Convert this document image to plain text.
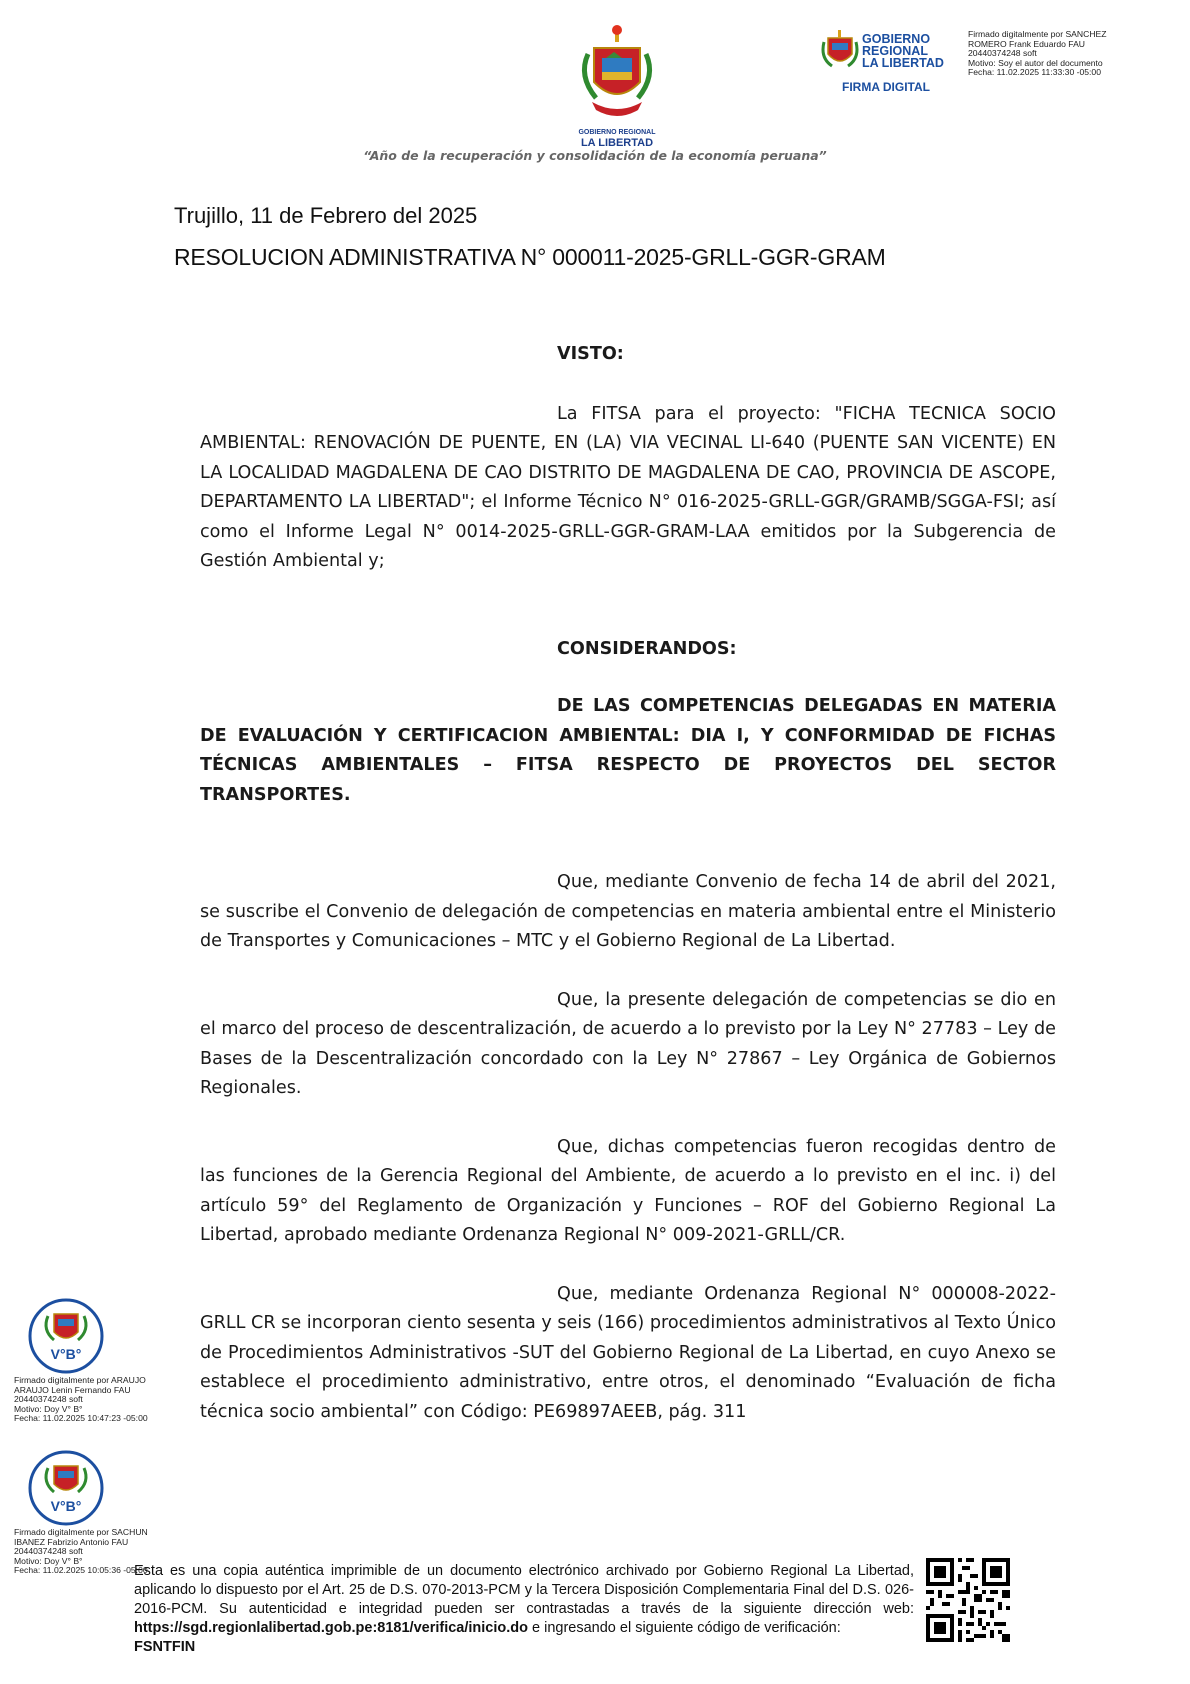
GOBIERNO REGIONAL
LA LIBERTAD
GOBIERNO
REGIONAL
LA LIBERTAD
FIRMA DIGITAL
Firmado digitalmente por SANCHEZ
ROMERO Frank Eduardo FAU
20440374248 soft
Motivo: Soy el autor del documento
Fecha: 11.02.2025 11:33:30 -05:00
“Año de la recuperación y consolidación de la economía peruana”
Trujillo, 11 de Febrero del 2025
RESOLUCION ADMINISTRATIVA N° 000011-2025-GRLL-GGR-GRAM

VISTO:

La FITSA para el proyecto: "FICHA TECNICA SOCIO AMBIENTAL: RENOVACIÓN DE PUENTE, EN (LA) VIA VECINAL LI-640 (PUENTE SAN VICENTE) EN LA LOCALIDAD MAGDALENA DE CAO DISTRITO DE MAGDALENA DE CAO, PROVINCIA DE ASCOPE, DEPARTAMENTO LA LIBERTAD"; el Informe Técnico N° 016-2025-GRLL-GGR/GRAMB/SGGA-FSI; así como el Informe Legal N° 0014-2025-GRLL-GGR-GRAM-LAA emitidos por la Subgerencia de Gestión Ambiental y;

CONSIDERANDOS:

DE LAS COMPETENCIAS DELEGADAS EN MATERIA DE EVALUACIÓN Y CERTIFICACION AMBIENTAL: DIA I, Y CONFORMIDAD DE FICHAS TÉCNICAS AMBIENTALES – FITSA RESPECTO DE PROYECTOS DEL SECTOR TRANSPORTES.

Que, mediante Convenio de fecha 14 de abril del 2021, se suscribe el Convenio de delegación de competencias en materia ambiental entre el Ministerio de Transportes y Comunicaciones – MTC y el Gobierno Regional de La Libertad.

Que, la presente delegación de competencias se dio en el marco del proceso de descentralización, de acuerdo a lo previsto por la Ley N° 27783 – Ley de Bases de la Descentralización concordado con la Ley N° 27867 – Ley Orgánica de Gobiernos Regionales.

Que, dichas competencias fueron recogidas dentro de las funciones de la Gerencia Regional del Ambiente, de acuerdo a lo previsto en el inc. i) del artículo 59° del Reglamento de Organización y Funciones – ROF del Gobierno Regional La Libertad, aprobado mediante Ordenanza Regional N° 009-2021-GRLL/CR.

Que, mediante Ordenanza Regional N° 000008-2022-GRLL CR se incorporan ciento sesenta y seis (166) procedimientos administrativos al Texto Único de Procedimientos Administrativos -SUT del Gobierno Regional de La Libertad, en cuyo Anexo se establece el procedimiento administrativo, entre otros, el denominado “Evaluación de ficha técnica socio ambiental” con Código: PE69897AEEB, pág. 311

V°B°
Firmado digitalmente por ARAUJO
ARAUJO Lenin Fernando FAU
20440374248 soft
Motivo: Doy V° B°
Fecha: 11.02.2025 10:47:23 -05:00
V°B°
Firmado digitalmente por SACHUN
IBANEZ Fabrizio Antonio FAU
20440374248 soft
Motivo: Doy V° B°
Fecha: 11.02.2025 10:05:36 -05:00
Esta es una copia auténtica imprimible de un documento electrónico archivado por Gobierno Regional La Libertad, aplicando lo dispuesto por el Art. 25 de D.S. 070-2013-PCM y la Tercera Disposición Complementaria Final del D.S. 026- 2016-PCM. Su autenticidad e integridad pueden ser contrastadas a través de la siguiente dirección web: https://sgd.regionlalibertad.gob.pe:8181/verifica/inicio.do e ingresando el siguiente código de verificación:
FSNTFIN
